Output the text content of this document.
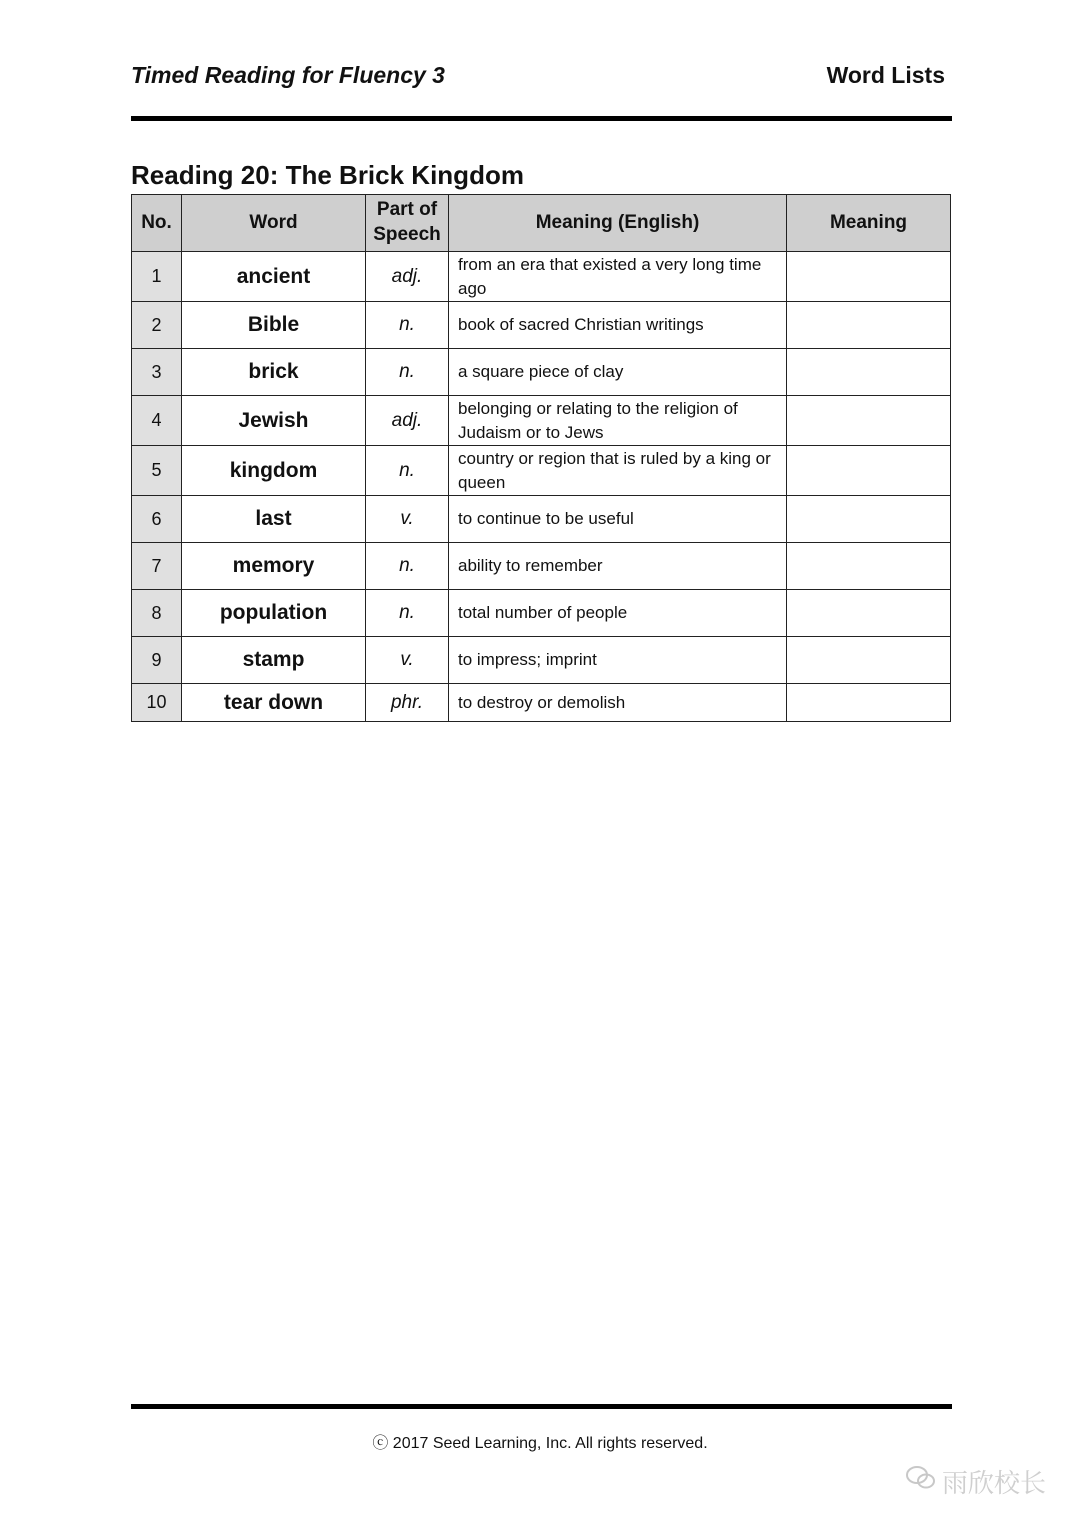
Timed Reading for Fluency 3	Word Lists
Reading 20: The Brick Kingdom
No.	Word	Part of Speech	Meaning (English)	Meaning
1	ancient	adj.	from an era that existed a very long time ago	
2	Bible	n.	book of sacred Christian writings	
3	brick	n.	a square piece of clay	
4	Jewish	adj.	belonging or relating to the religion of Judaism or to Jews	
5	kingdom	n.	country or region that is ruled by a king or queen	
6	last	v.	to continue to be useful	
7	memory	n.	ability to remember	
8	population	n.	total number of people	
9	stamp	v.	to impress; imprint	
10	tear down	phr.	to destroy or demolish	
ⓒ 2017 Seed Learning, Inc. All rights reserved.
雨欣校长
